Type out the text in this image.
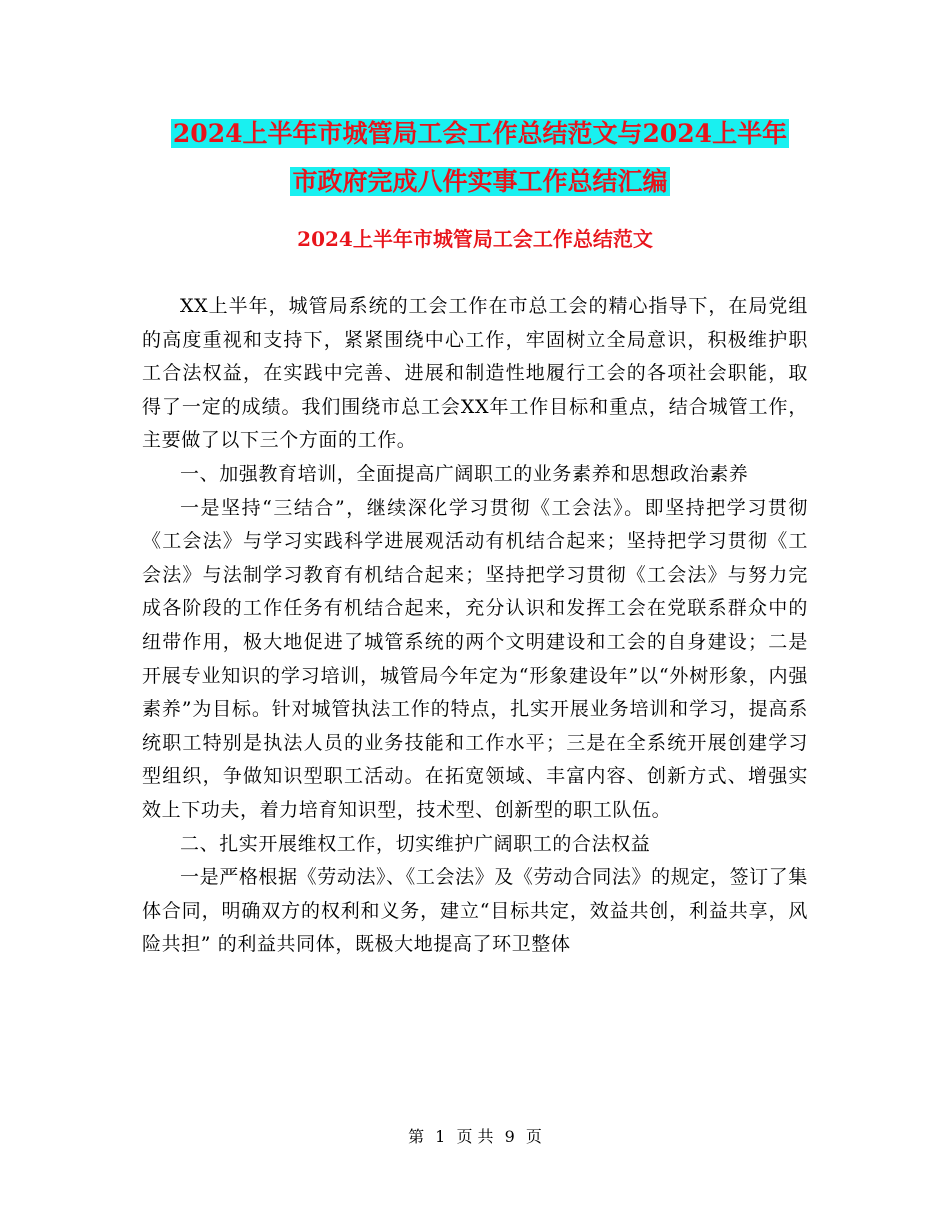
2024上半年市城管局工会工作总结范文与2024上半年
市政府完成八件实事工作总结汇编
2024上半年市城管局工会工作总结范文

XX上半年，城管局系统的工会工作在市总工会的精心指导下，在局党组的高度重视和支持下，紧紧围绕中心工作，牢固树立全局意识，积极维护职工合法权益，在实践中完善、进展和制造性地履行工会的各项社会职能，取得了一定的成绩。我们围绕市总工会XX年工作目标和重点，结合城管工作，主要做了以下三个方面的工作。

一、加强教育培训，全面提高广阔职工的业务素养和思想政治素养

一是坚持“三结合”，继续深化学习贯彻《工会法》。即坚持把学习贯彻《工会法》与学习实践科学进展观活动有机结合起来；坚持把学习贯彻《工会法》与法制学习教育有机结合起来；坚持把学习贯彻《工会法》与努力完成各阶段的工作任务有机结合起来，充分认识和发挥工会在党联系群众中的纽带作用，极大地促进了城管系统的两个文明建设和工会的自身建设；二是开展专业知识的学习培训，城管局今年定为“形象建设年”以“外树形象，内强素养”为目标。针对城管执法工作的特点，扎实开展业务培训和学习，提高系统职工特别是执法人员的业务技能和工作水平；三是在全系统开展创建学习型组织，争做知识型职工活动。在拓宽领域、丰富内容、创新方式、增强实效上下功夫，着力培育知识型，技术型、创新型的职工队伍。

二、扎实开展维权工作，切实维护广阔职工的合法权益

一是严格根据《劳动法》、《工会法》及《劳动合同法》的规定，签订了集体合同，明确双方的权利和义务，建立“目标共定，效益共创，利益共享，风险共担” 的利益共同体，既极大地提高了环卫整体

第 1 页 共 9 页
